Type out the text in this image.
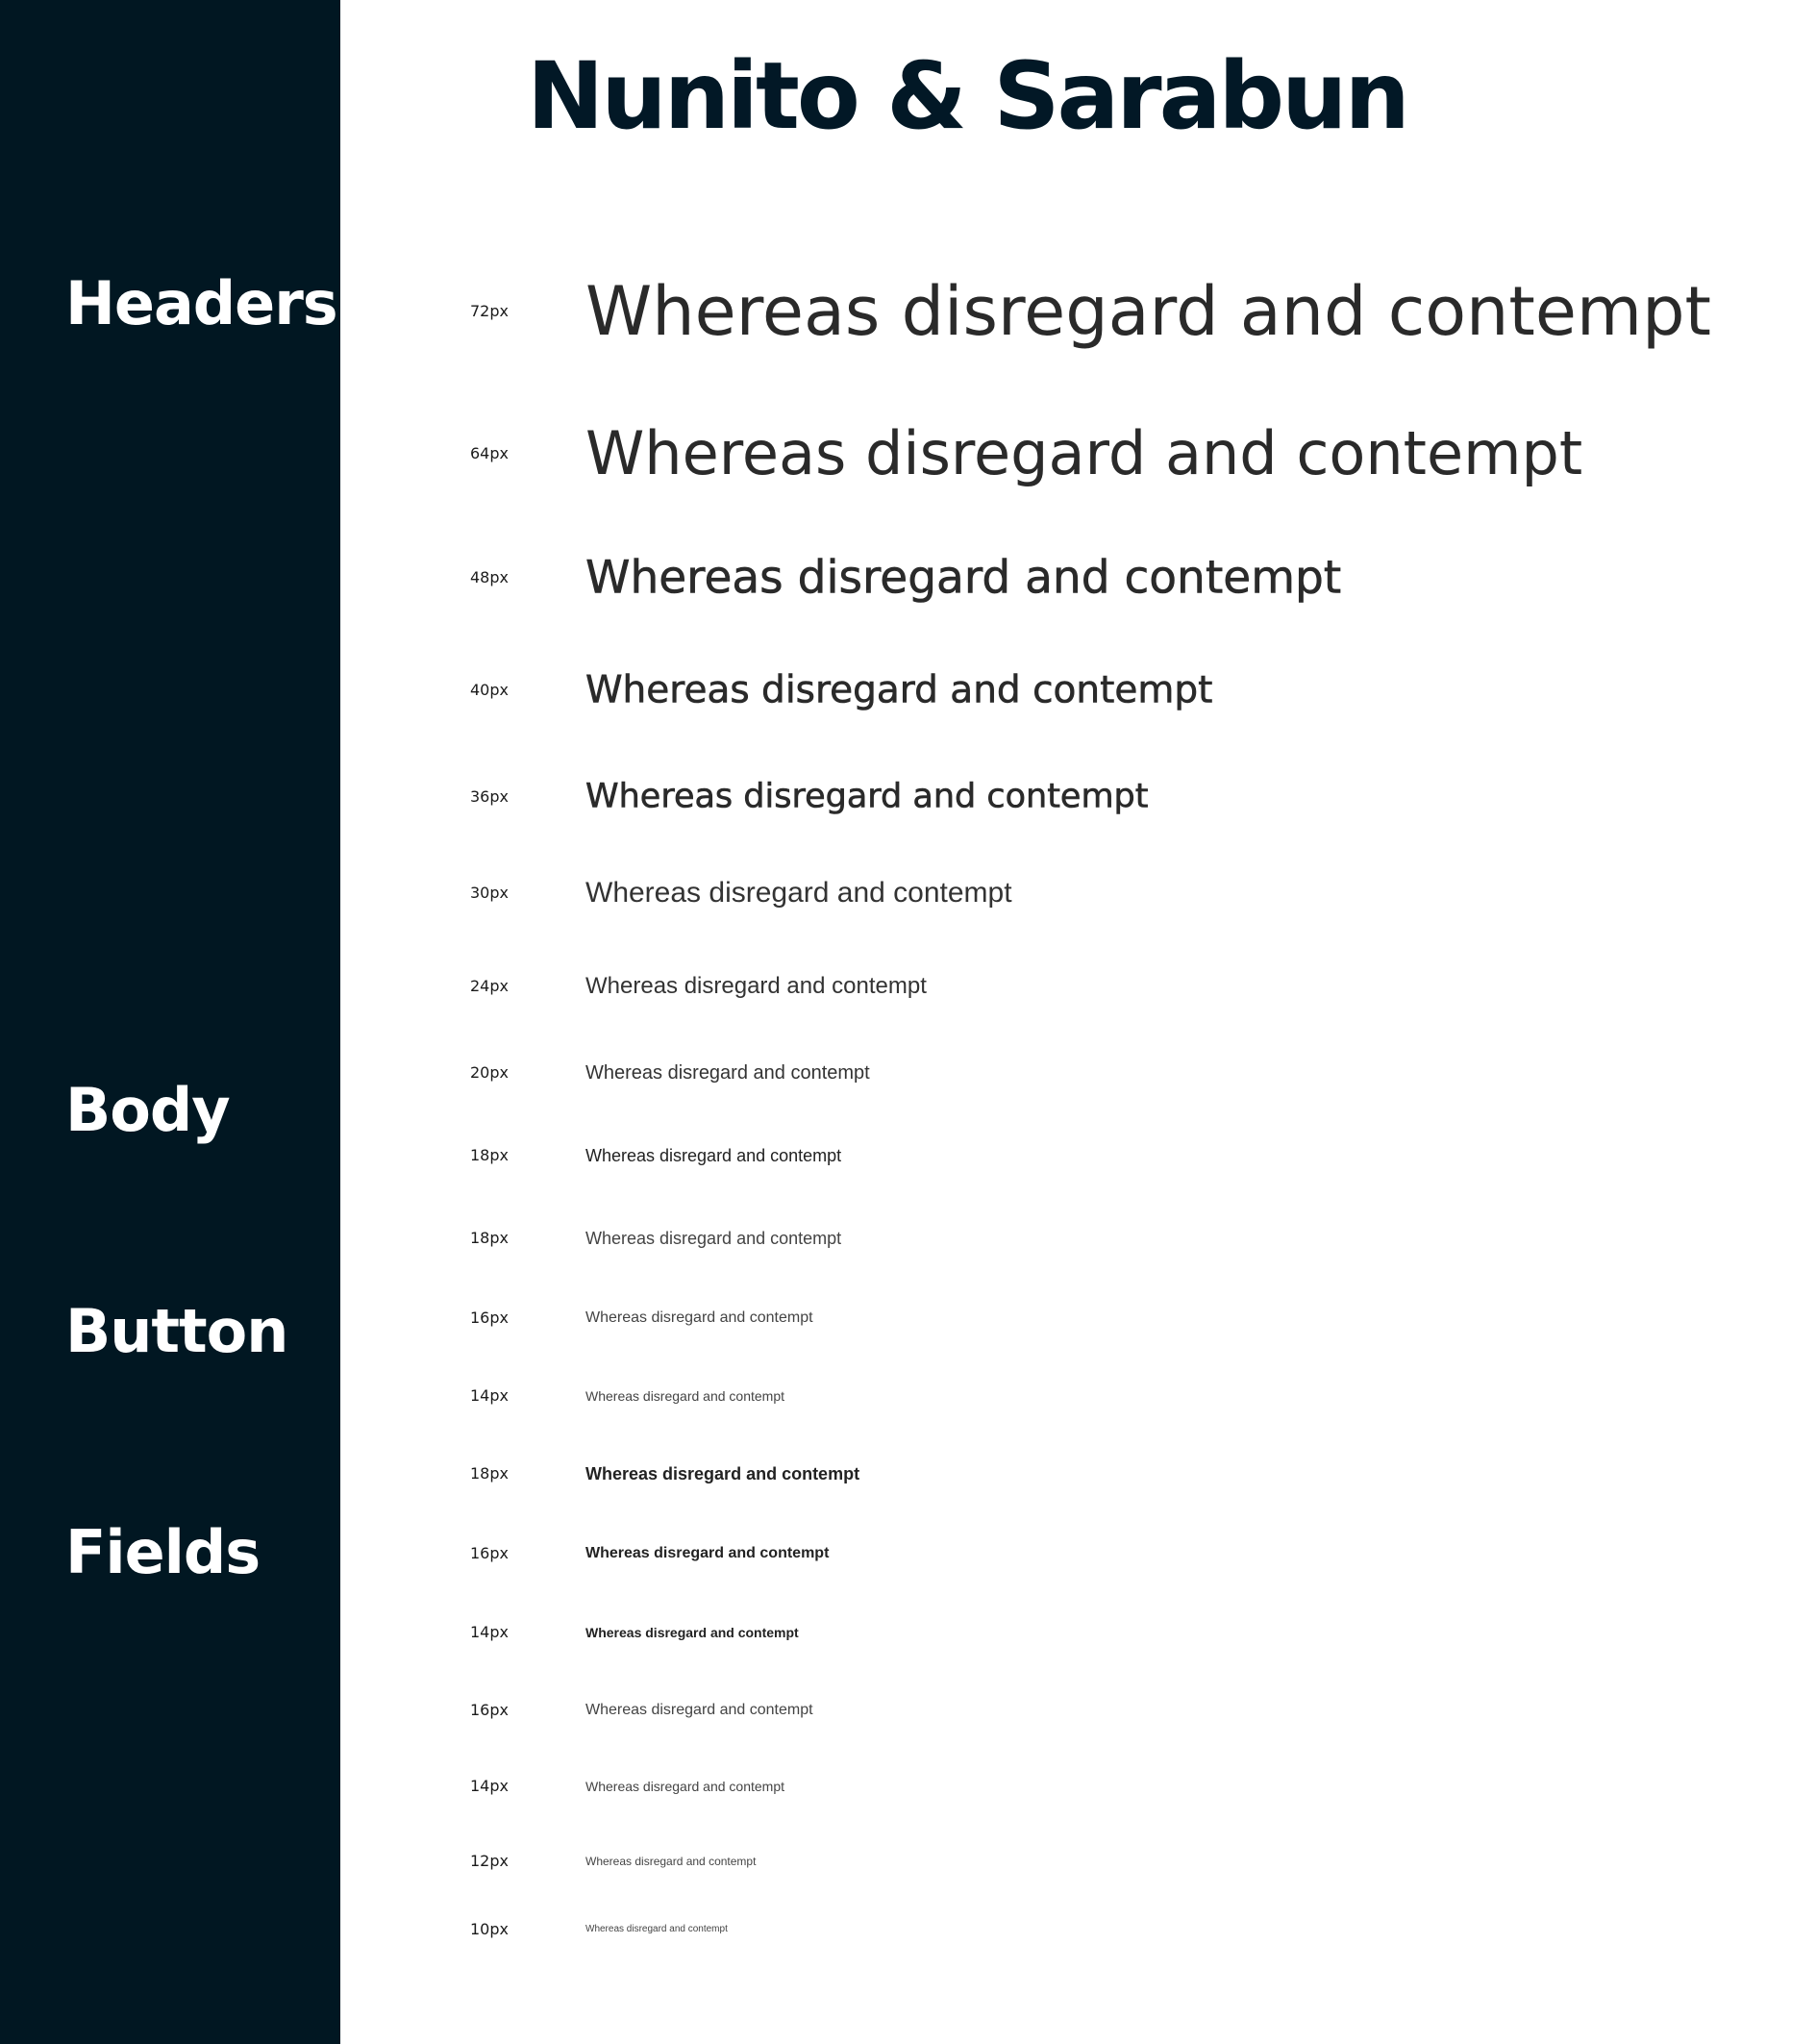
Headers
Body
Button
Fields
Nunito & Sarabun
72px Whereas disregard and contempt
64px Whereas disregard and contempt
48px Whereas disregard and contempt
40px Whereas disregard and contempt
36px Whereas disregard and contempt
30px	Whereas disregard and contempt
24px	Whereas disregard and contempt
20px	Whereas disregard and contempt
18px	Whereas disregard and contempt
18px	Whereas disregard and contempt
16px	Whereas disregard and contempt
14px	Whereas disregard and contempt
18px	Whereas disregard and contempt
16px	Whereas disregard and contempt
14px	Whereas disregard and contempt
16px	Whereas disregard and contempt
14px	Whereas disregard and contempt
12px	Whereas disregard and contempt
10px	Whereas disregard and contempt
